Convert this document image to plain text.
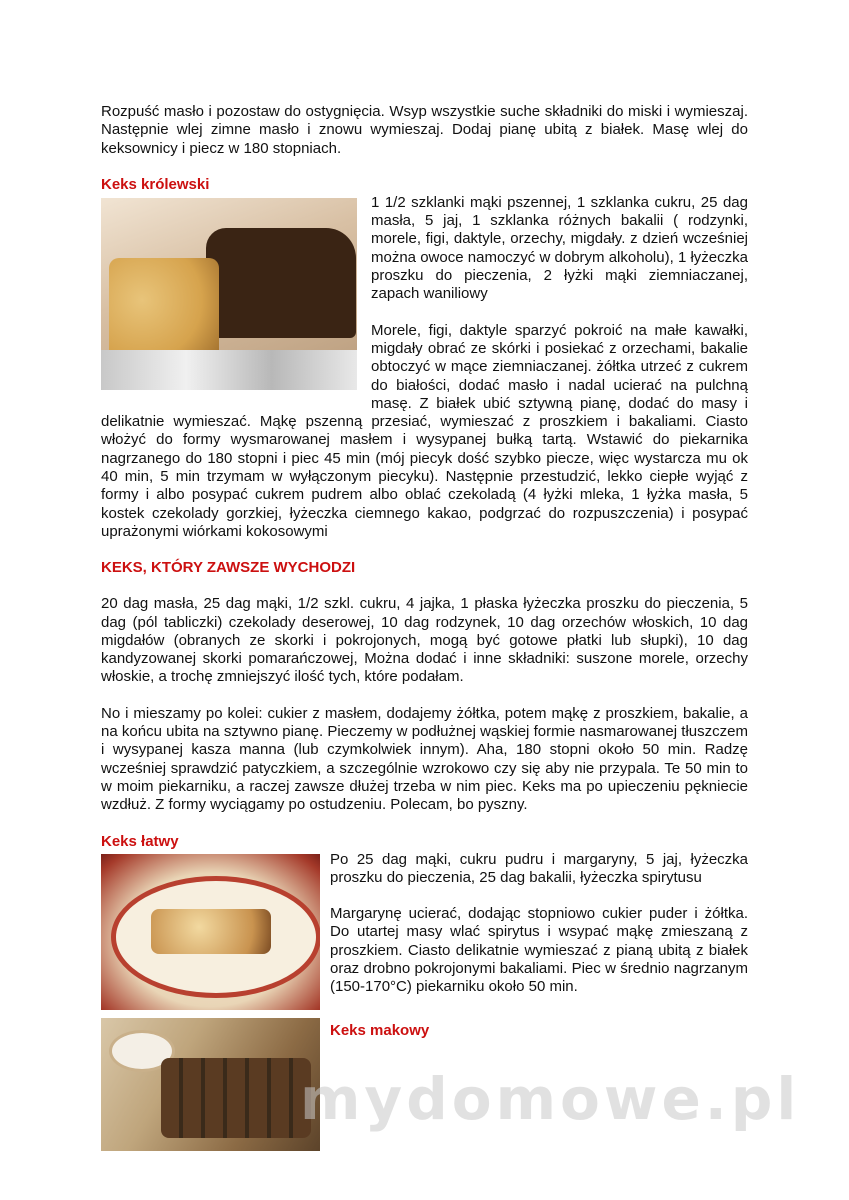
Rozpuść masło i pozostaw do ostygnięcia. Wsyp wszystkie suche składniki do miski i wymieszaj. Następnie wlej zimne masło i znowu wymieszaj. Dodaj pianę ubitą z białek. Masę wlej do keksownicy i piecz w 180 stopniach.

Keks królewski

1 1/2 szklanki mąki pszennej, 1 szklanka cukru, 25 dag masła, 5 jaj, 1 szklanka różnych bakalii ( rodzynki, morele, figi, daktyle, orzechy, migdały. z dzień wcześniej można owoce namoczyć w dobrym alkoholu), 1 łyżeczka proszku do pieczenia, 2 łyżki mąki ziemniaczanej, zapach waniliowy

Morele, figi, daktyle sparzyć pokroić na małe kawałki, migdały obrać ze skórki i posiekać z orzechami, bakalie obtoczyć w mące ziemniaczanej. żółtka utrzeć z cukrem do białości, dodać masło i nadal ucierać na pulchną masę. Z białek ubić sztywną pianę, dodać do masy i delikatnie wymieszać. Mąkę pszenną przesiać, wymieszać z proszkiem i bakaliami. Ciasto włożyć do formy wysmarowanej masłem i wysypanej bułką tartą. Wstawić do piekarnika nagrzanego do 180 stopni i piec 45 min (mój piecyk dość szybko piecze, więc wystarcza mu ok 40 min, 5 min trzymam w wyłączonym piecyku). Następnie przestudzić, lekko ciepłe wyjąć z formy i albo posypać cukrem pudrem albo oblać czekoladą (4 łyżki mleka, 1 łyżka masła, 5 kostek czekolady gorzkiej, łyżeczka ciemnego kakao, podgrzać do rozpuszczenia) i posypać uprażonymi wiórkami kokosowymi

KEKS, KTÓRY ZAWSZE WYCHODZI

20 dag masła, 25 dag mąki, 1/2 szkl. cukru, 4 jajka, 1 płaska łyżeczka proszku do pieczenia, 5 dag (pól tabliczki) czekolady deserowej, 10 dag rodzynek, 10 dag orzechów włoskich, 10 dag migdałów (obranych ze skorki i pokrojonych, mogą być gotowe płatki lub słupki), 10 dag kandyzowanej skorki pomarańczowej, Można dodać i inne składniki: suszone morele, orzechy włoskie, a trochę zmniejszyć ilość tych, które podałam.

No i mieszamy po kolei: cukier z masłem, dodajemy żółtka, potem mąkę z proszkiem, bakalie, a na końcu ubita na sztywno pianę. Pieczemy w podłużnej wąskiej formie nasmarowanej tłuszczem i wysypanej kasza manna (lub czymkolwiek innym). Aha, 180 stopni około 50 min. Radzę wcześniej sprawdzić patyczkiem, a szczególnie wzrokowo czy się aby nie przypala. Te 50 min to w moim piekarniku, a raczej zawsze dłużej trzeba w nim piec. Keks ma po upieczeniu pękniecie wzdłuż. Z formy wyciągamy po ostudzeniu. Polecam, bo pyszny.

Keks łatwy

Po 25 dag mąki, cukru pudru i margaryny, 5 jaj, łyżeczka proszku do pieczenia, 25 dag bakalii, łyżeczka spirytusu

Margarynę ucierać, dodając stopniowo cukier puder i żółtka. Do utartej masy wlać spirytus i wsypać mąkę zmieszaną z proszkiem. Ciasto delikatnie wymieszać z pianą ubitą z białek oraz drobno pokrojonymi bakaliami. Piec w średnio nagrzanym (150-170°C) piekarniku około 50 min.

Keks makowy
mydomowe.pl
